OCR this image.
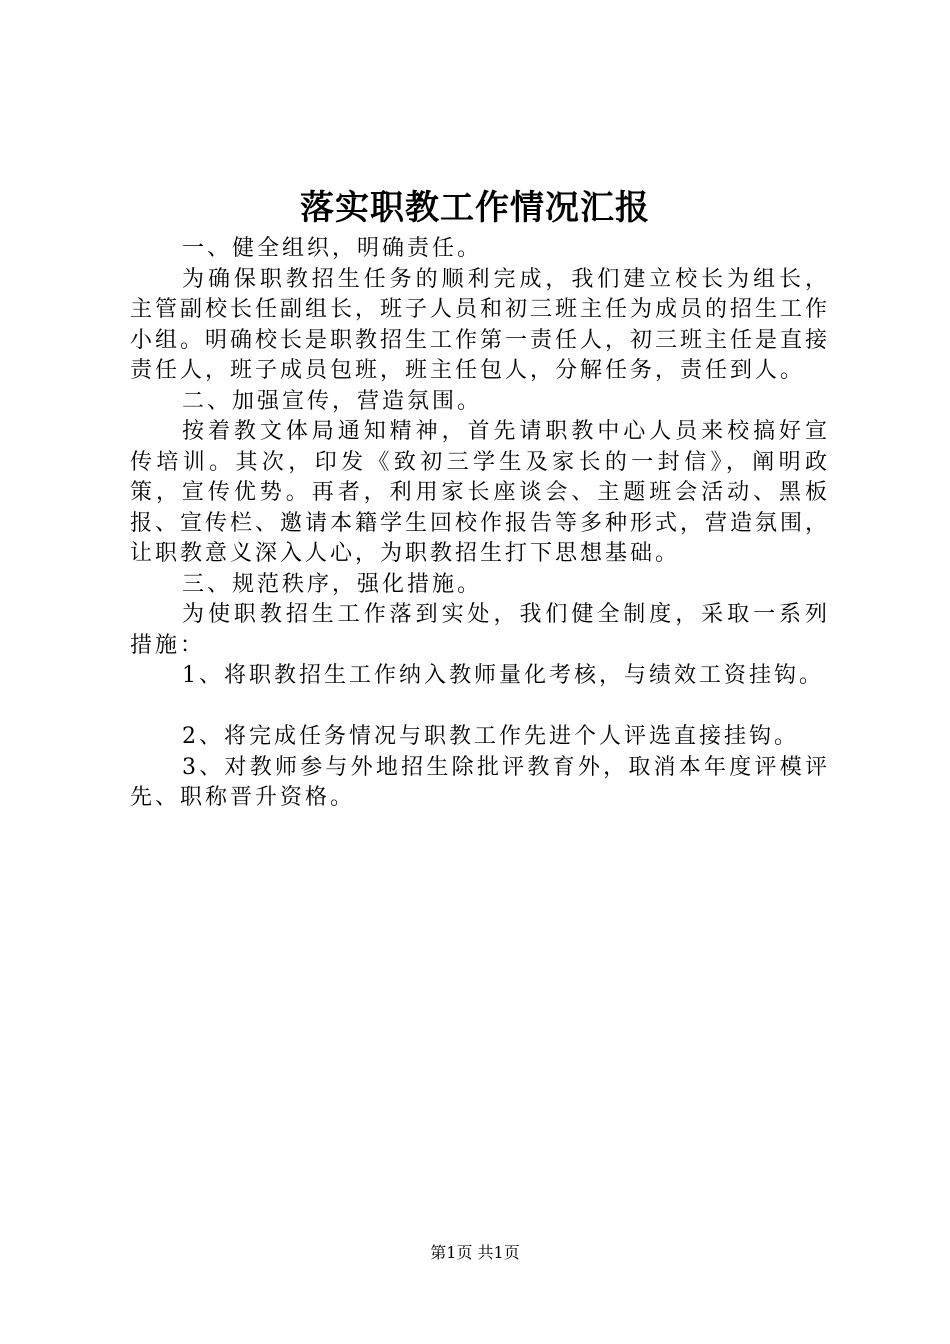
落实职教工作情况汇报

一、健全组织，明确责任。

为确保职教招生任务的顺利完成，我们建立校长为组长，主管副校长任副组长，班子人员和初三班主任为成员的招生工作小组。明确校长是职教招生工作第一责任人，初三班主任是直接责任人，班子成员包班，班主任包人，分解任务，责任到人。

二、加强宣传，营造氛围。

按着教文体局通知精神，首先请职教中心人员来校搞好宣传培训。其次，印发《致初三学生及家长的一封信》，阐明政策，宣传优势。再者，利用家长座谈会、主题班会活动、黑板报、宣传栏、邀请本籍学生回校作报告等多种形式，营造氛围，让职教意义深入人心，为职教招生打下思想基础。

三、规范秩序，强化措施。

为使职教招生工作落到实处，我们健全制度，采取一系列措施：

1、将职教招生工作纳入教师量化考核，与绩效工资挂钩。

2、将完成任务情况与职教工作先进个人评选直接挂钩。

3、对教师参与外地招生除批评教育外，取消本年度评模评先、职称晋升资格。

第1页 共1页
